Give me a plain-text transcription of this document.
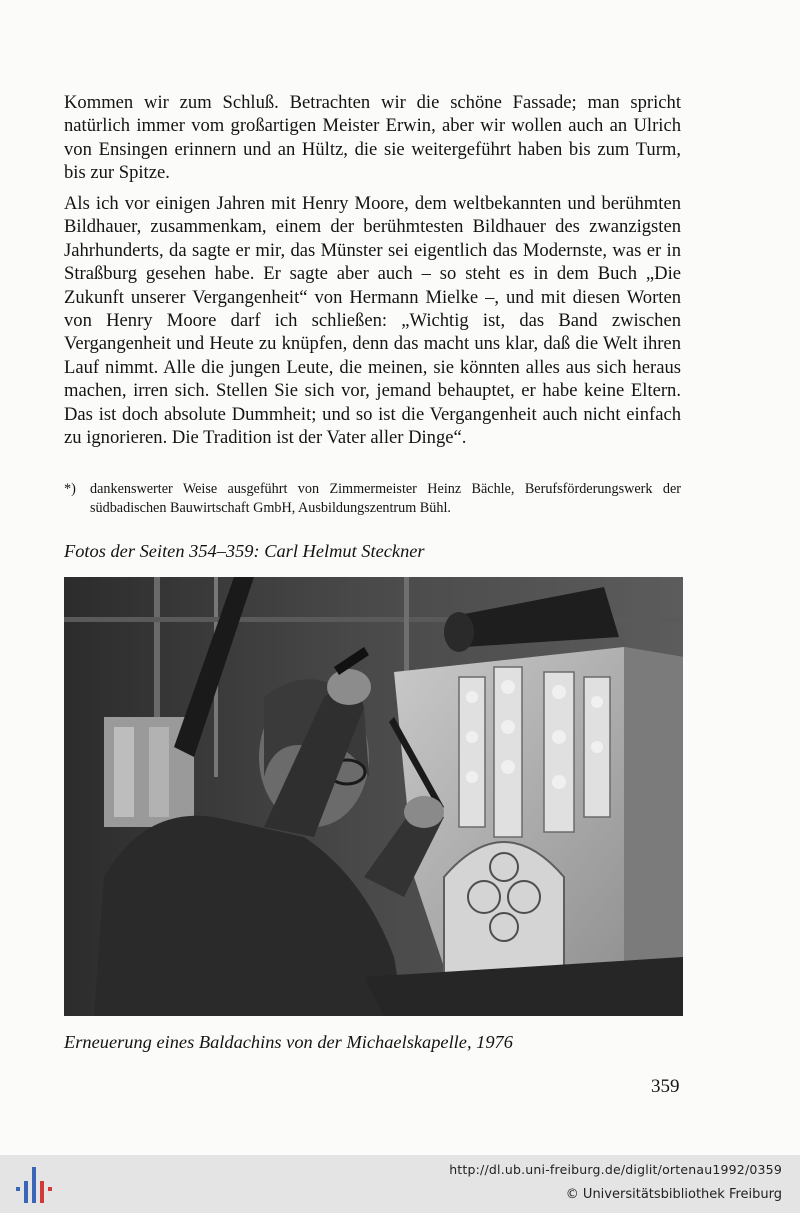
Kommen wir zum Schluß. Betrachten wir die schöne Fassade; man spricht natürlich immer vom großartigen Meister Erwin, aber wir wollen auch an Ulrich von Ensingen erinnern und an Hültz, die sie weitergeführt haben bis zum Turm, bis zur Spitze.

Als ich vor einigen Jahren mit Henry Moore, dem weltbekannten und berühmten Bildhauer, zusammenkam, einem der berühmtesten Bildhauer des zwanzigsten Jahrhunderts, da sagte er mir, das Münster sei eigentlich das Modernste, was er in Straßburg gesehen habe. Er sagte aber auch – so steht es in dem Buch „Die Zukunft unserer Vergangenheit“ von Hermann Mielke –, und mit diesen Worten von Henry Moore darf ich schließen: „Wichtig ist, das Band zwischen Vergangenheit und Heute zu knüpfen, denn das macht uns klar, daß die Welt ihren Lauf nimmt. Alle die jungen Leute, die meinen, sie könnten alles aus sich heraus machen, irren sich. Stellen Sie sich vor, jemand behauptet, er habe keine Eltern. Das ist doch absolute Dummheit; und so ist die Vergangenheit auch nicht einfach zu ignorieren. Die Tradition ist der Vater aller Dinge“.

*) dankenswerter Weise ausgeführt von Zimmermeister Heinz Bächle, Berufsförderungswerk der südbadischen Bauwirtschaft GmbH, Ausbildungszentrum Bühl.
Fotos der Seiten 354–359: Carl Helmut Steckner
Erneuerung eines Baldachins von der Michaelskapelle, 1976
359
http://dl.ub.uni-freiburg.de/diglit/ortenau1992/0359
© Universitätsbibliothek Freiburg
